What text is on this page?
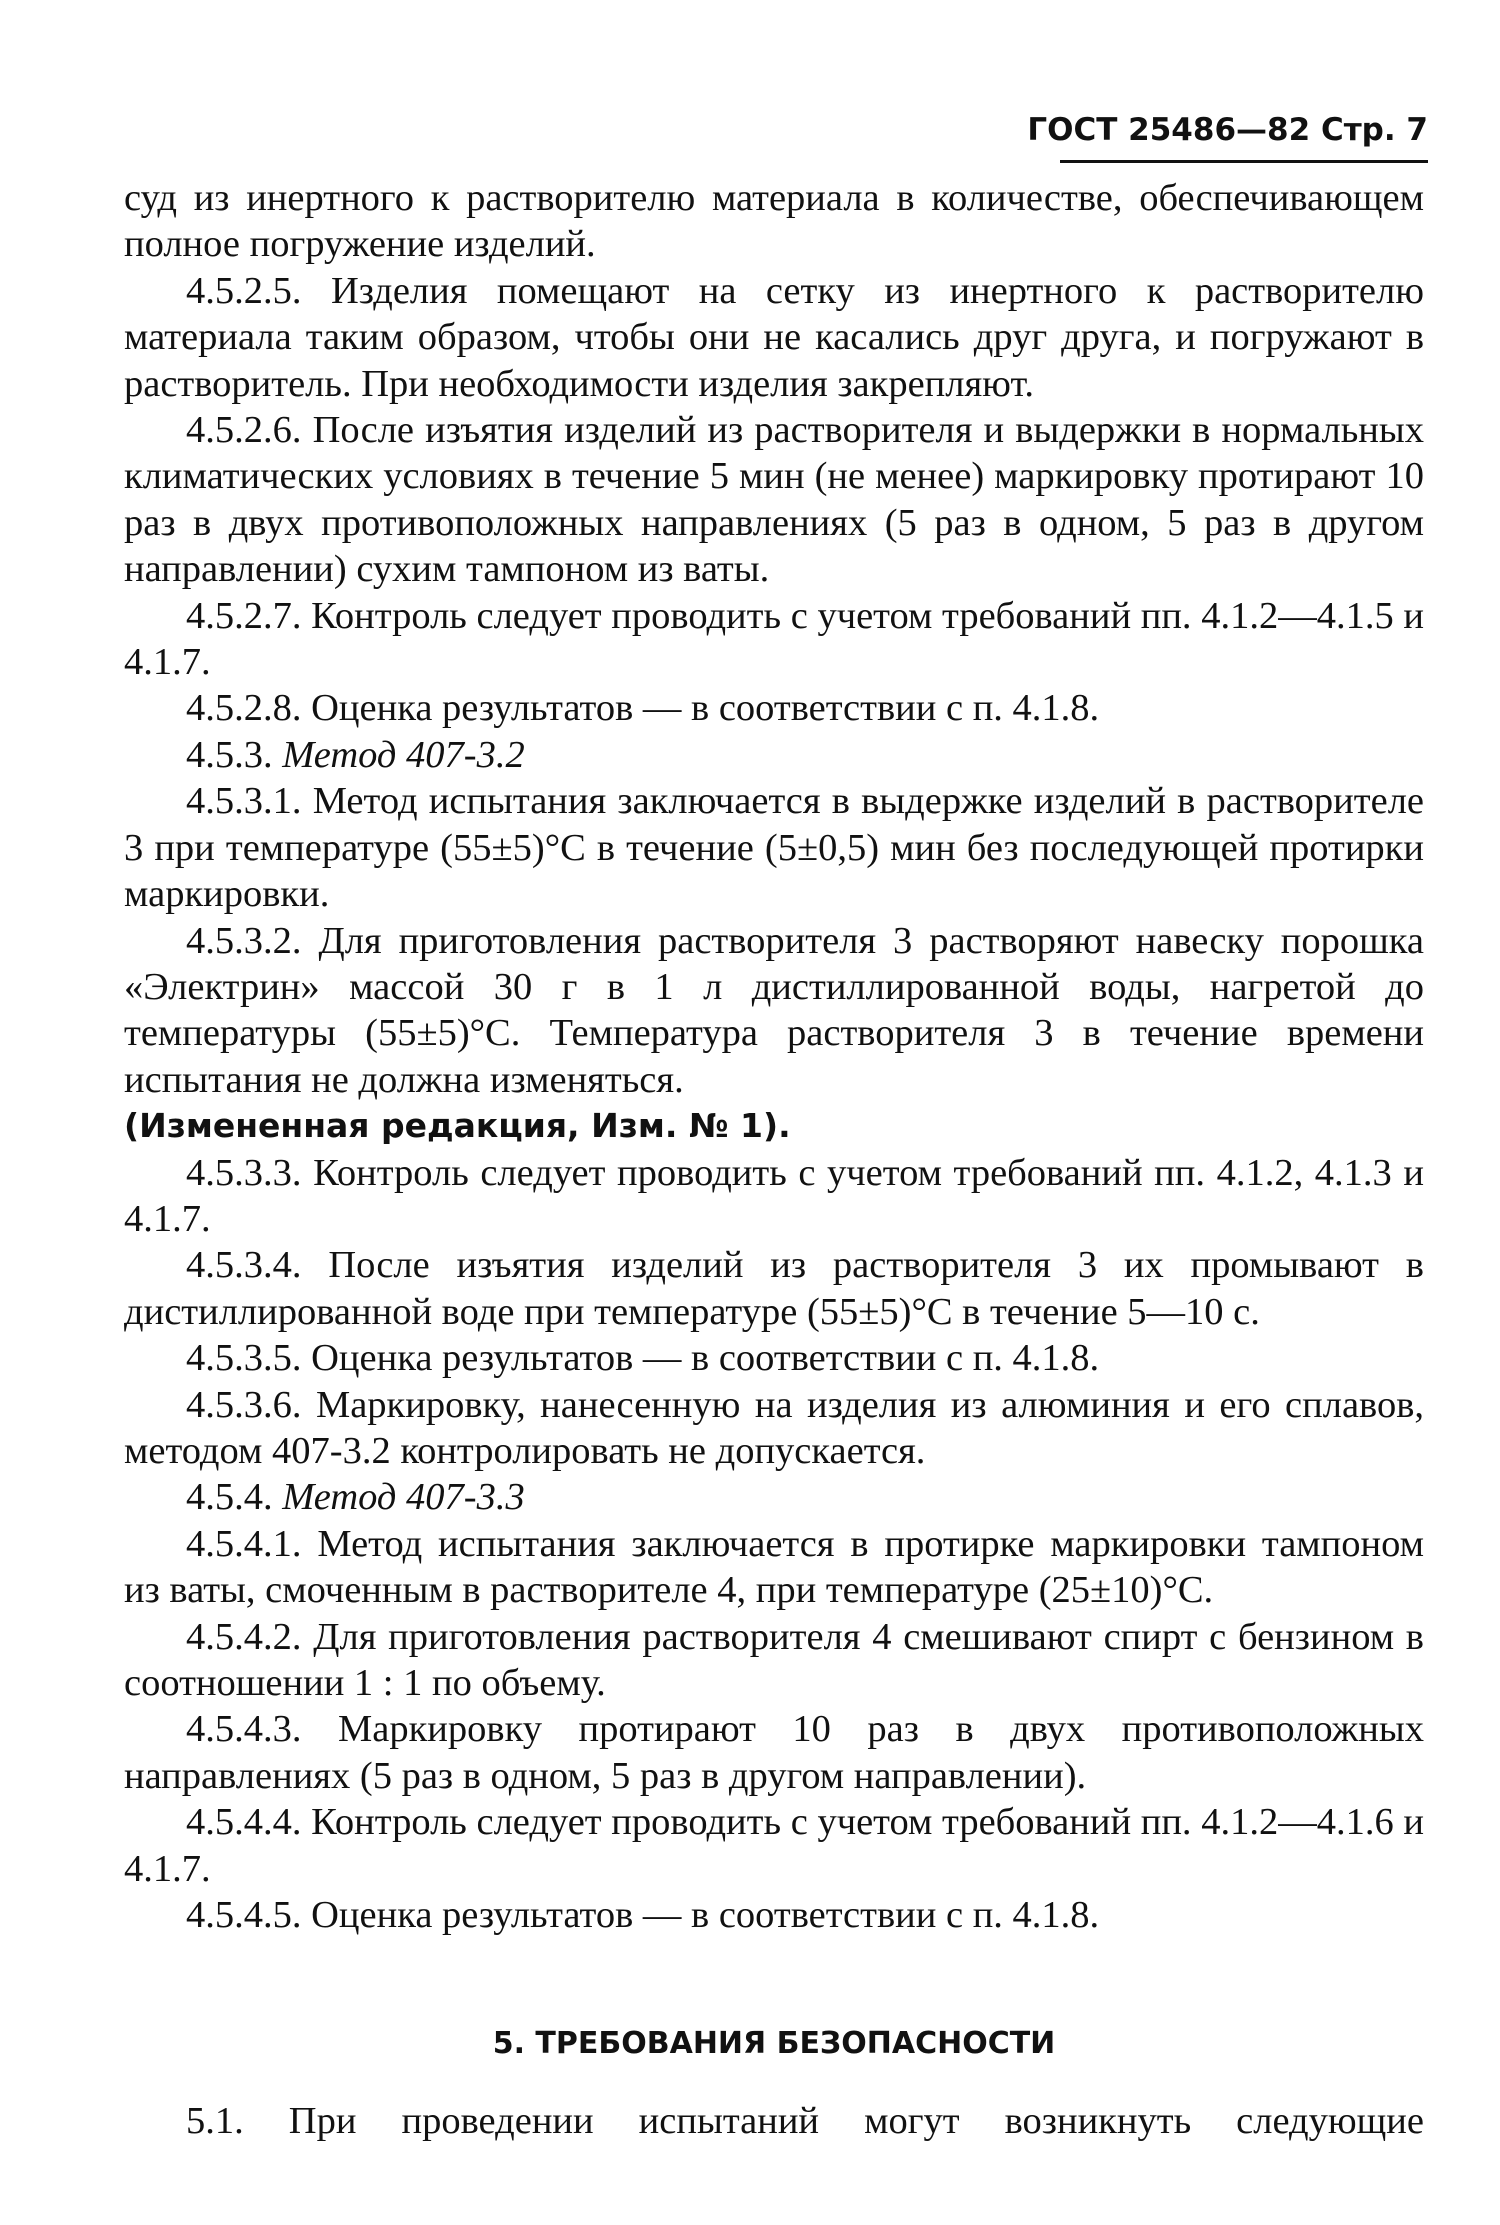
ГОСТ 25486—82 Стр. 7

суд из инертного к растворителю материала в количестве, обеспечивающем полное погружение изделий.

4.5.2.5. Изделия помещают на сетку из инертного к растворителю материала таким образом, чтобы они не касались друг друга, и погружают в растворитель. При необходимости изделия закрепляют.

4.5.2.6. После изъятия изделий из растворителя и выдержки в нормальных климатических условиях в течение 5 мин (не менее) маркировку протирают 10 раз в двух противоположных направлениях (5 раз в одном, 5 раз в другом направлении) сухим тампоном из ваты.

4.5.2.7. Контроль следует проводить с учетом требований пп. 4.1.2—4.1.5 и 4.1.7.

4.5.2.8. Оценка результатов — в соответствии с п. 4.1.8.

4.5.3. Метод 407-3.2

4.5.3.1. Метод испытания заключается в выдержке изделий в растворителе 3 при температуре (55±5)°С в течение (5±0,5) мин без последующей протирки маркировки.

4.5.3.2. Для приготовления растворителя 3 растворяют навеску порошка «Электрин» массой 30 г в 1 л дистиллированной воды, нагретой до температуры (55±5)°С. Температура растворителя 3 в течение времени испытания не должна изменяться.

(Измененная редакция, Изм. № 1).

4.5.3.3. Контроль следует проводить с учетом требований пп. 4.1.2, 4.1.3 и 4.1.7.

4.5.3.4. После изъятия изделий из растворителя 3 их промывают в дистиллированной воде при температуре (55±5)°С в течение 5—10 с.

4.5.3.5. Оценка результатов — в соответствии с п. 4.1.8.

4.5.3.6. Маркировку, нанесенную на изделия из алюминия и его сплавов, методом 407-3.2 контролировать не допускается.

4.5.4. Метод 407-3.3

4.5.4.1. Метод испытания заключается в протирке маркировки тампоном из ваты, смоченным в растворителе 4, при температуре (25±10)°С.

4.5.4.2. Для приготовления растворителя 4 смешивают спирт с бензином в соотношении 1 : 1 по объему.

4.5.4.3. Маркировку протирают 10 раз в двух противоположных направлениях (5 раз в одном, 5 раз в другом направлении).

4.5.4.4. Контроль следует проводить с учетом требований пп. 4.1.2—4.1.6 и 4.1.7.

4.5.4.5. Оценка результатов — в соответствии с п. 4.1.8.

5. ТРЕБОВАНИЯ БЕЗОПАСНОСТИ
5.1. При проведении испытаний могут возникнуть следующие
